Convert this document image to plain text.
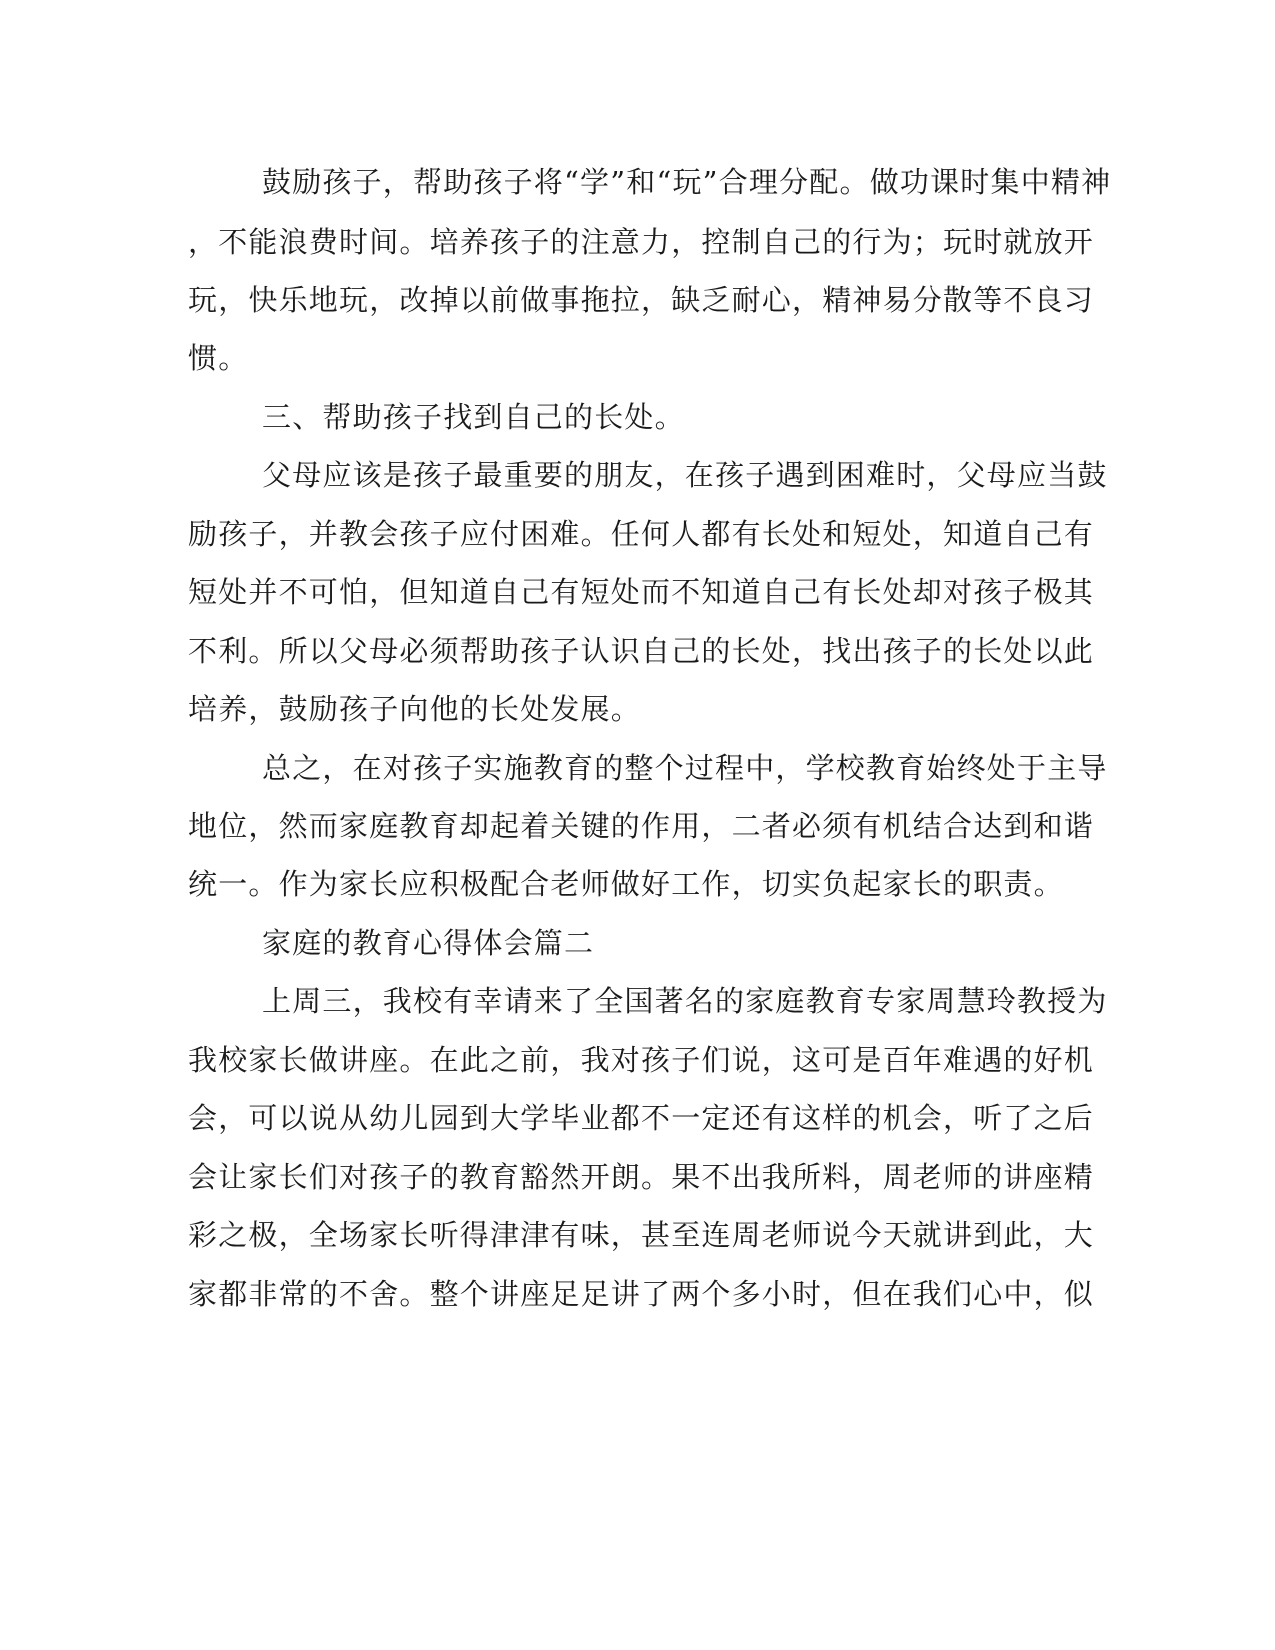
鼓励孩子，帮助孩子将“学”和“玩”合理分配。做功课时集中精神
，不能浪费时间。培养孩子的注意力，控制自己的行为；玩时就放开
玩，快乐地玩，改掉以前做事拖拉，缺乏耐心，精神易分散等不良习
惯。
三、帮助孩子找到自己的长处。
父母应该是孩子最重要的朋友，在孩子遇到困难时，父母应当鼓
励孩子，并教会孩子应付困难。任何人都有长处和短处，知道自己有
短处并不可怕，但知道自己有短处而不知道自己有长处却对孩子极其
不利。所以父母必须帮助孩子认识自己的长处，找出孩子的长处以此
培养，鼓励孩子向他的长处发展。
总之，在对孩子实施教育的整个过程中，学校教育始终处于主导
地位，然而家庭教育却起着关键的作用，二者必须有机结合达到和谐
统一。作为家长应积极配合老师做好工作，切实负起家长的职责。
家庭的教育心得体会篇二
上周三，我校有幸请来了全国著名的家庭教育专家周慧玲教授为
我校家长做讲座。在此之前，我对孩子们说，这可是百年难遇的好机
会，可以说从幼儿园到大学毕业都不一定还有这样的机会，听了之后
会让家长们对孩子的教育豁然开朗。果不出我所料，周老师的讲座精
彩之极，全场家长听得津津有味，甚至连周老师说今天就讲到此，大
家都非常的不舍。整个讲座足足讲了两个多小时，但在我们心中，似
